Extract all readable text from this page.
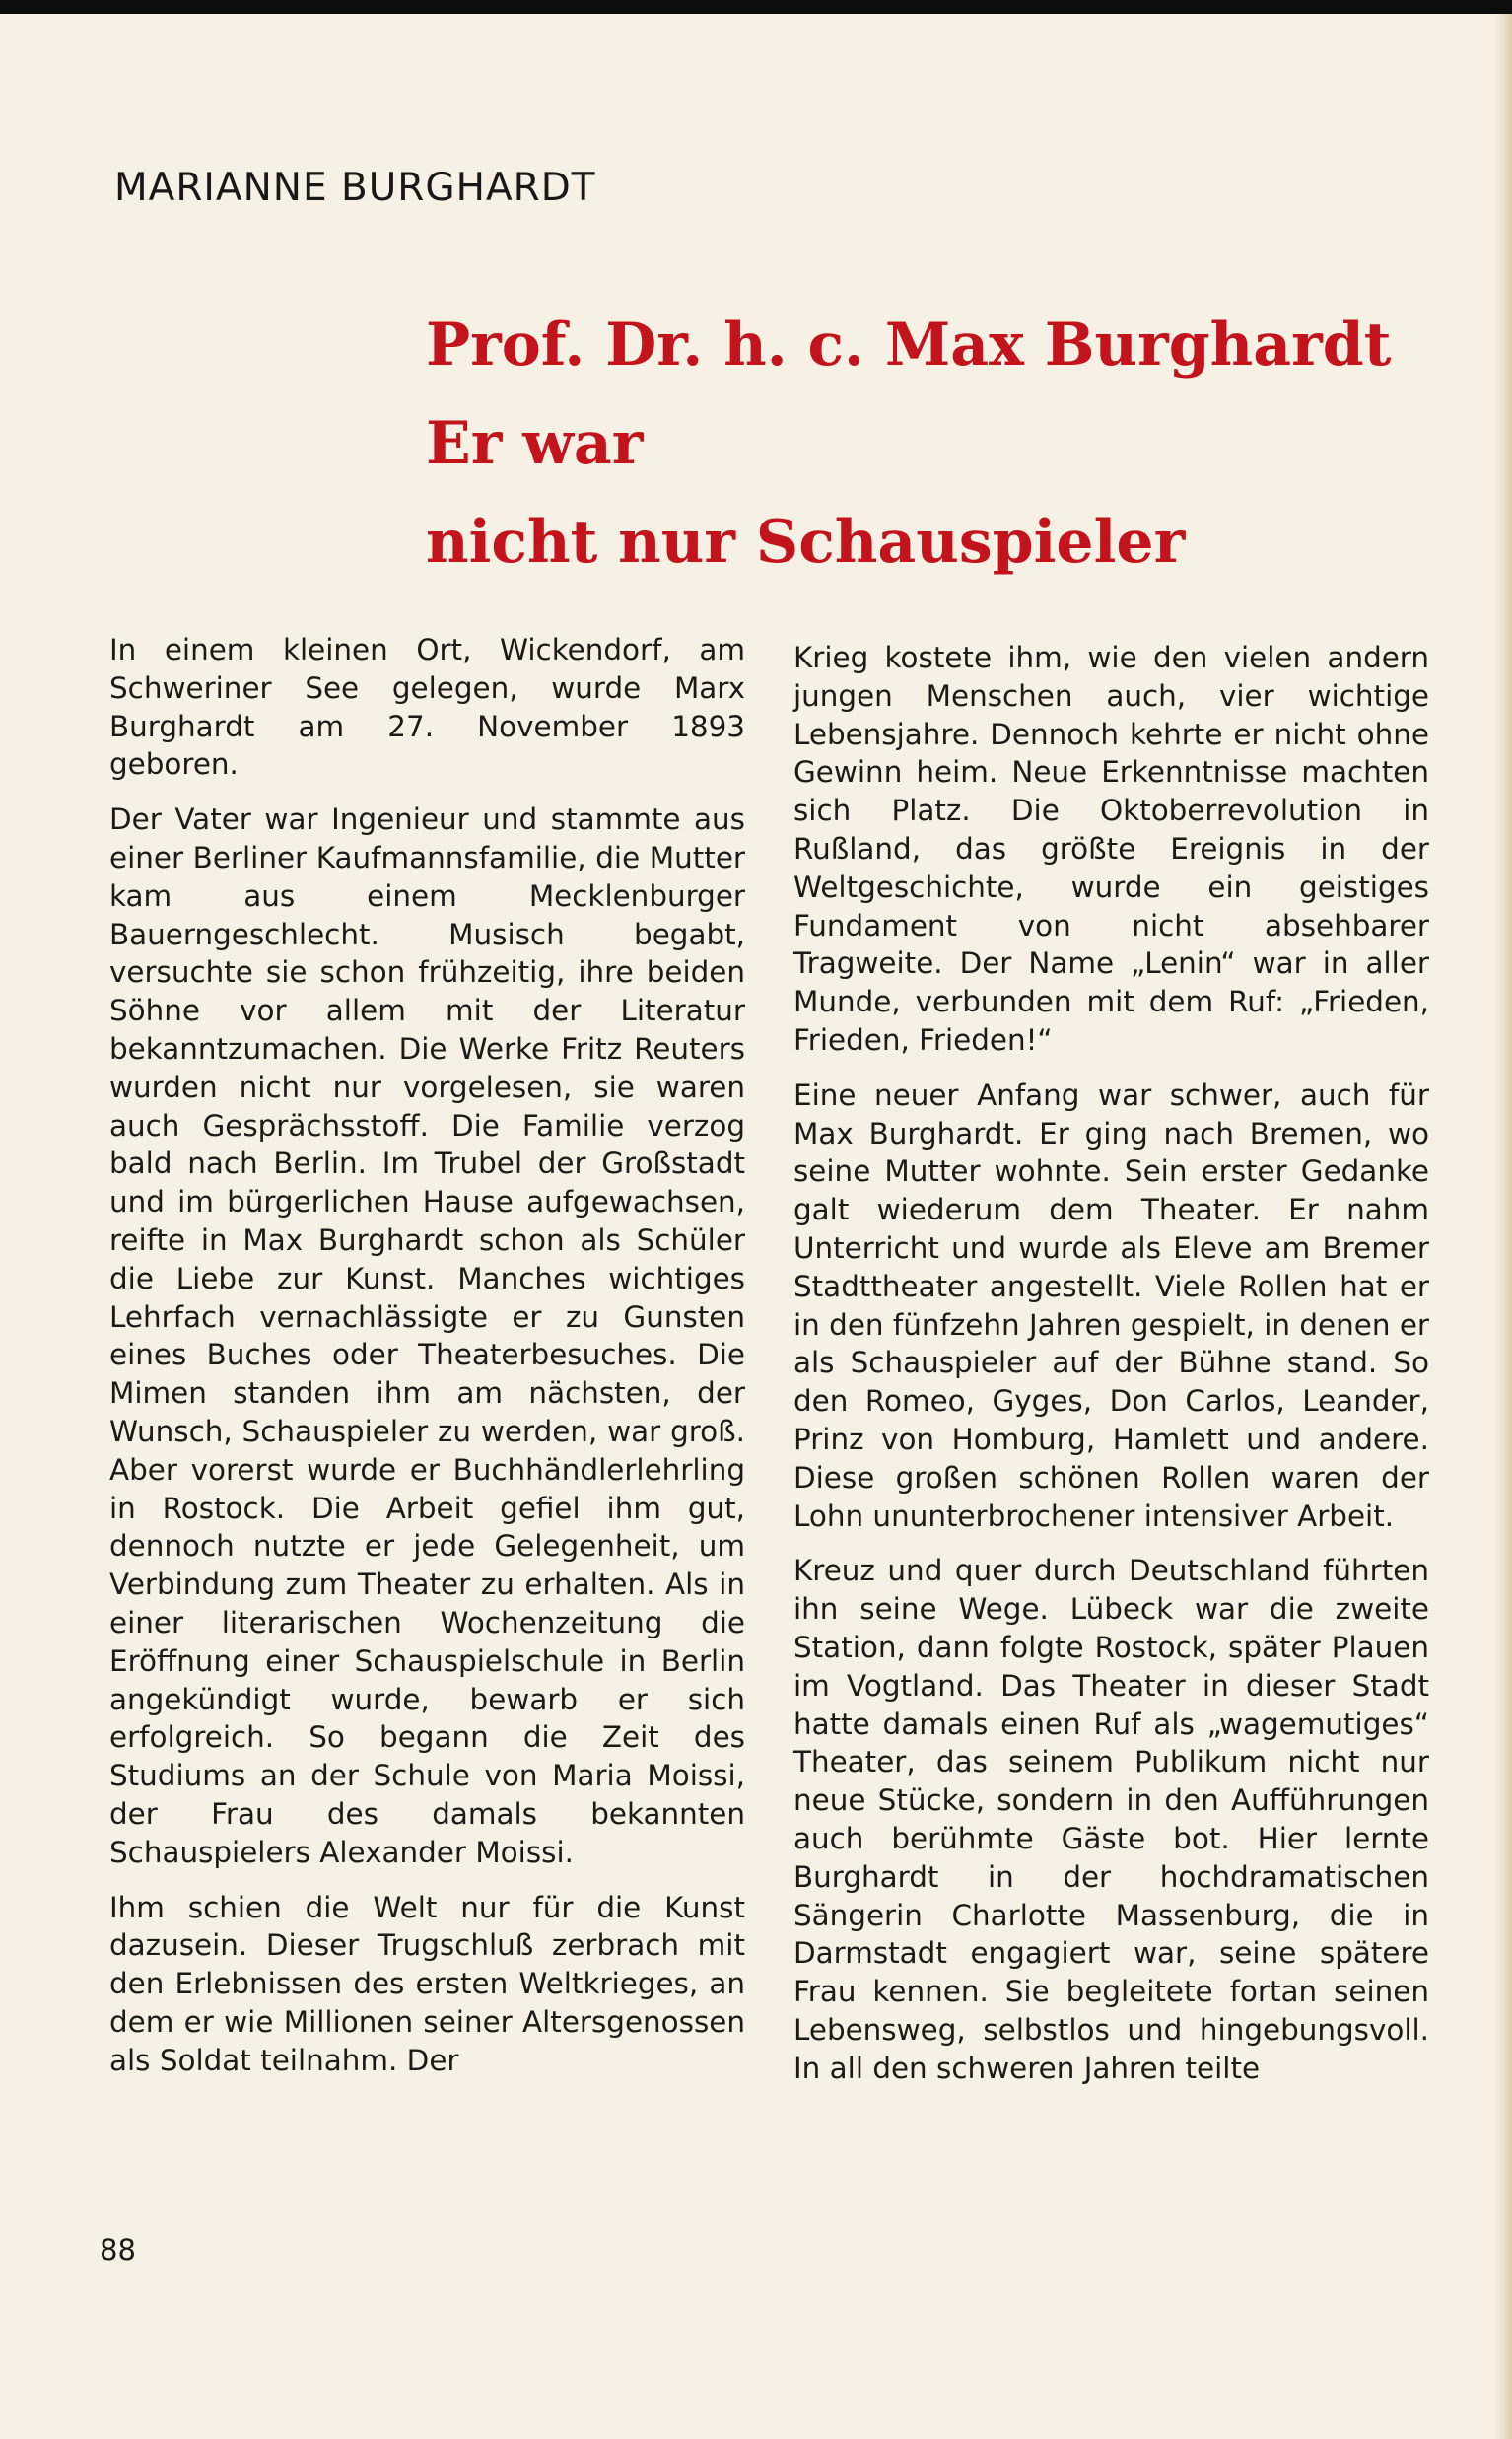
MARIANNE BURGHARDT
Prof. Dr. h. c. Max Burghardt
Er war
nicht nur Schauspieler

In einem kleinen Ort, Wickendorf, am Schweriner See gelegen, wurde Marx Burghardt am 27. November 1893 geboren.

Der Vater war Ingenieur und stammte aus einer Berliner Kaufmannsfamilie, die Mutter kam aus einem Mecklenburger Bauerngeschlecht. Musisch begabt, versuchte sie schon frühzeitig, ihre beiden Söhne vor allem mit der Literatur bekanntzumachen. Die Werke Fritz Reuters wurden nicht nur vorgelesen, sie waren auch Gesprächsstoff. Die Familie verzog bald nach Berlin. Im Trubel der Großstadt und im bürgerlichen Hause aufgewachsen, reifte in Max Burghardt schon als Schüler die Liebe zur Kunst. Manches wichtiges Lehrfach vernachlässigte er zu Gunsten eines Buches oder Theaterbesuches. Die Mimen standen ihm am nächsten, der Wunsch, Schauspieler zu werden, war groß. Aber vorerst wurde er Buchhändlerlehrling in Rostock. Die Arbeit gefiel ihm gut, dennoch nutzte er jede Gelegenheit, um Verbindung zum Theater zu erhalten. Als in einer literarischen Wochenzeitung die Eröffnung einer Schauspielschule in Berlin angekündigt wurde, bewarb er sich erfolgreich. So begann die Zeit des Studiums an der Schule von Maria Moissi, der Frau des damals bekannten Schauspielers Alexander Moissi.

Ihm schien die Welt nur für die Kunst dazusein. Dieser Trugschluß zerbrach mit den Erlebnissen des ersten Weltkrieges, an dem er wie Millionen seiner Altersgenossen als Soldat teilnahm. Der

Krieg kostete ihm, wie den vielen andern jungen Menschen auch, vier wichtige Lebensjahre. Dennoch kehrte er nicht ohne Gewinn heim. Neue Erkenntnisse machten sich Platz. Die Oktoberrevolution in Rußland, das größte Ereignis in der Weltgeschichte, wurde ein geistiges Fundament von nicht absehbarer Tragweite. Der Name „Lenin“ war in aller Munde, verbunden mit dem Ruf: „Frieden, Frieden, Frieden!“

Eine neuer Anfang war schwer, auch für Max Burghardt. Er ging nach Bremen, wo seine Mutter wohnte. Sein erster Gedanke galt wiederum dem Theater. Er nahm Unterricht und wurde als Eleve am Bremer Stadttheater angestellt. Viele Rollen hat er in den fünfzehn Jahren gespielt, in denen er als Schauspieler auf der Bühne stand. So den Romeo, Gyges, Don Carlos, Leander, Prinz von Homburg, Hamlett und andere. Diese großen schönen Rollen waren der Lohn ununterbrochener intensiver Arbeit.

Kreuz und quer durch Deutschland führten ihn seine Wege. Lübeck war die zweite Station, dann folgte Rostock, später Plauen im Vogtland. Das Theater in dieser Stadt hatte damals einen Ruf als „wagemutiges“ Theater, das seinem Publikum nicht nur neue Stücke, sondern in den Aufführungen auch berühmte Gäste bot. Hier lernte Burghardt in der hochdramatischen Sängerin Charlotte Massenburg, die in Darmstadt engagiert war, seine spätere Frau kennen. Sie begleitete fortan seinen Lebensweg, selbstlos und hingebungsvoll. In all den schweren Jahren teilte

88
